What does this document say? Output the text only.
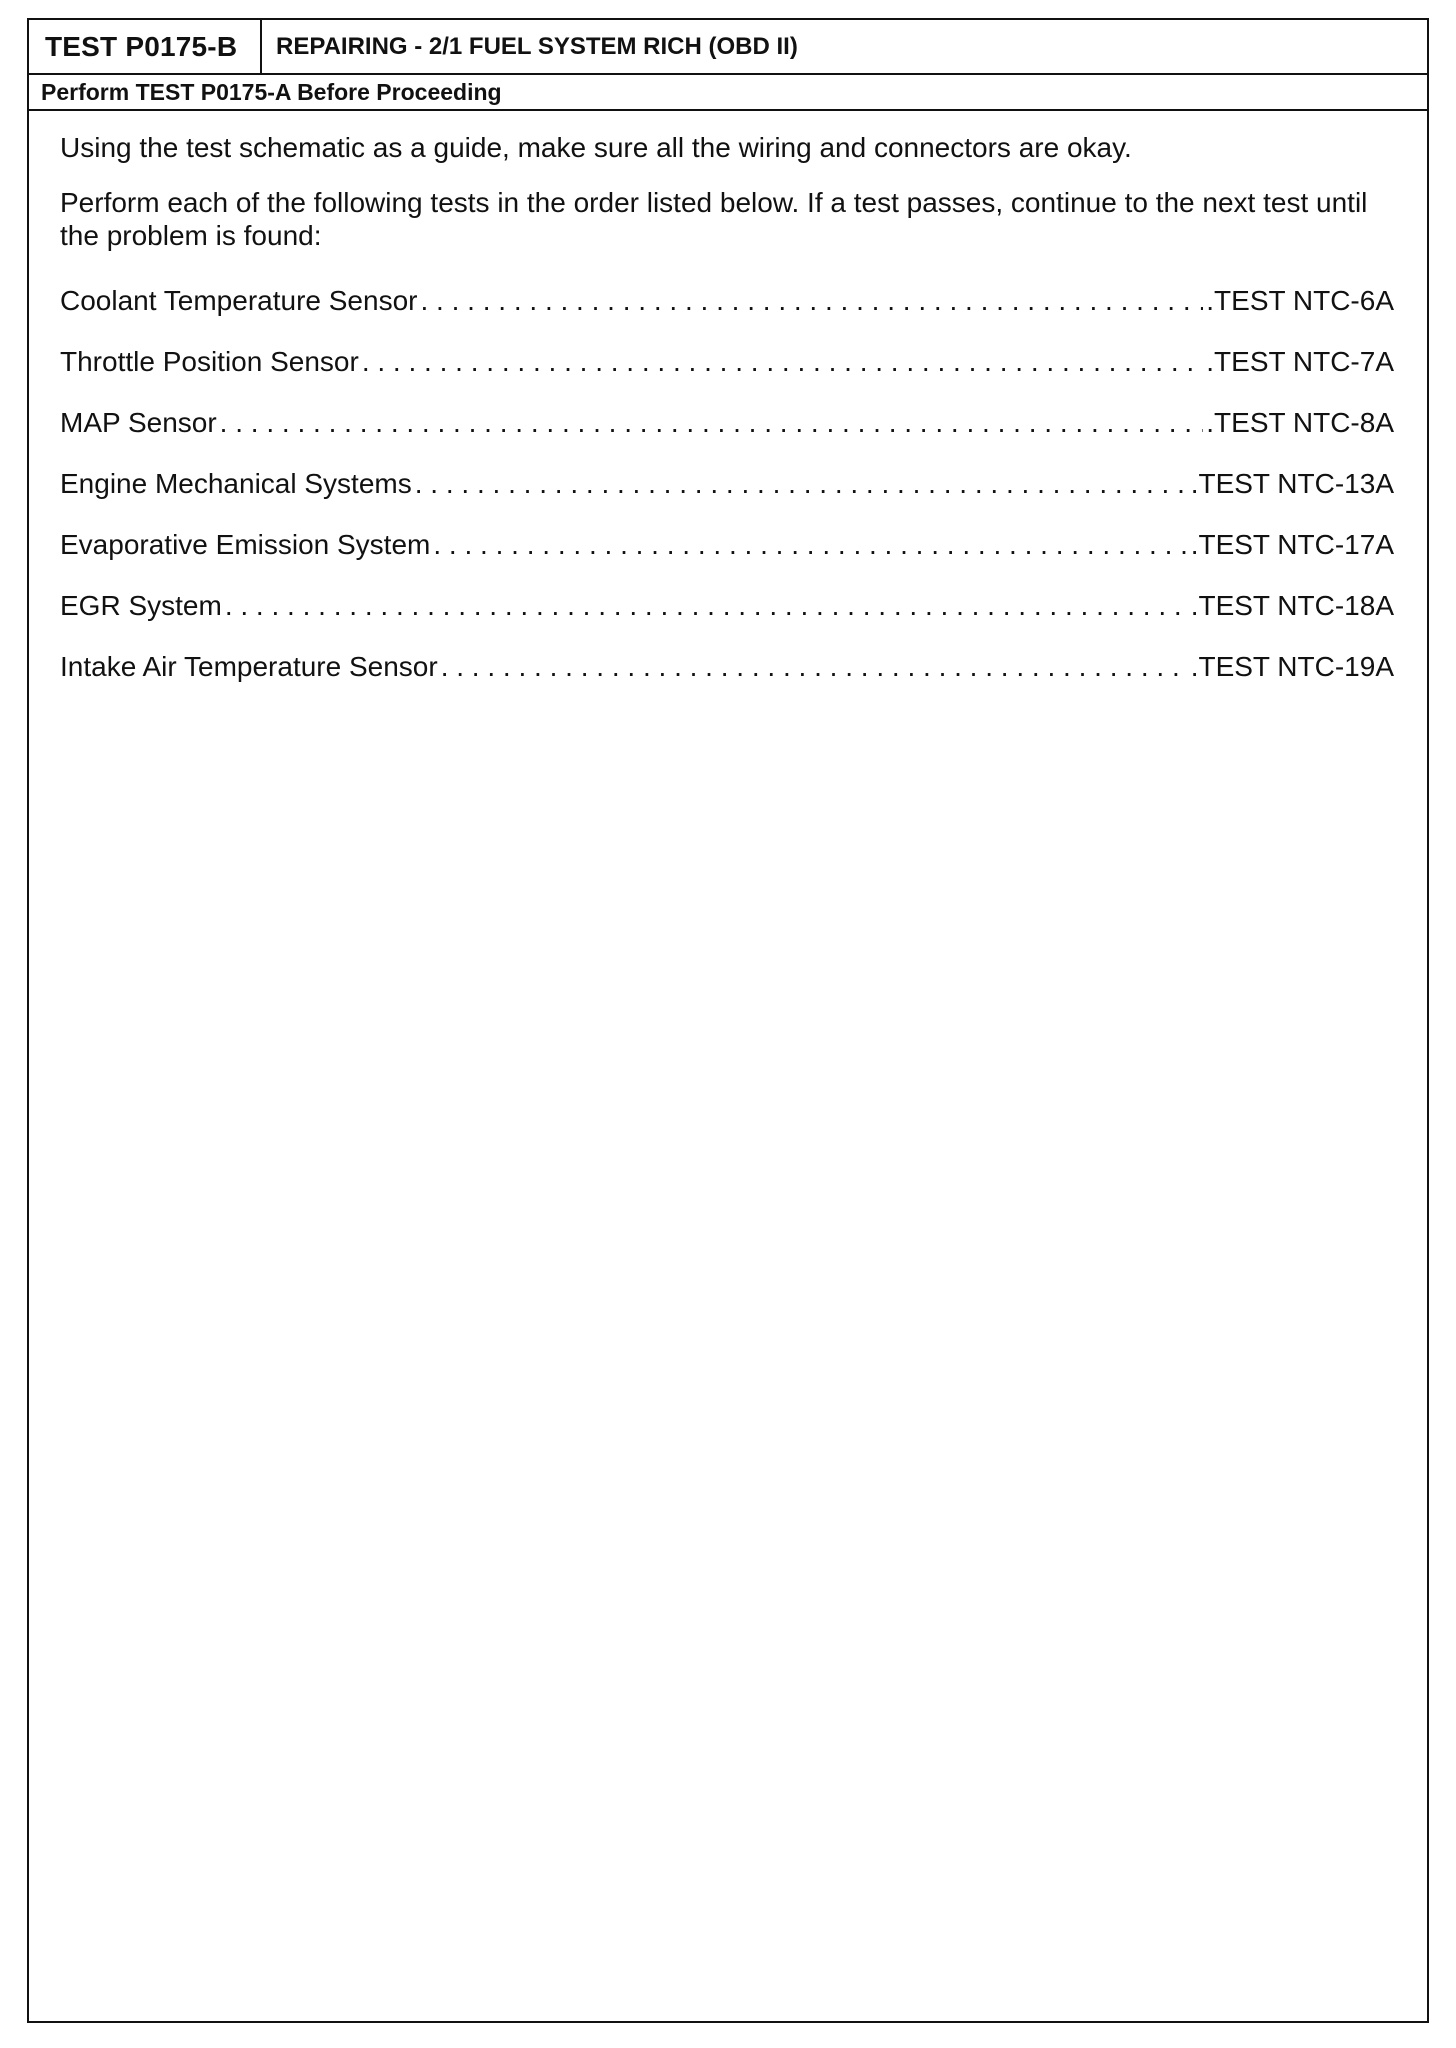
TEST P0175-B	REPAIRING - 2/1 FUEL SYSTEM RICH (OBD II)
Perform TEST P0175-A Before Proceeding

Using the test schematic as a guide, make sure all the wiring and connectors are okay.

Perform each of the following tests in the order listed below. If a test passes, continue to the next test until the problem is found:

Coolant Temperature Sensor . . .	.TEST NTC-6A
Throttle Position Sensor . . .	.TEST NTC-7A
MAP Sensor . . .	.TEST NTC-8A
Engine Mechanical Systems . . .	.TEST NTC-13A
Evaporative Emission System . . .	.TEST NTC-17A
EGR System . . .	.TEST NTC-18A
Intake Air Temperature Sensor . . .	.TEST NTC-19A
